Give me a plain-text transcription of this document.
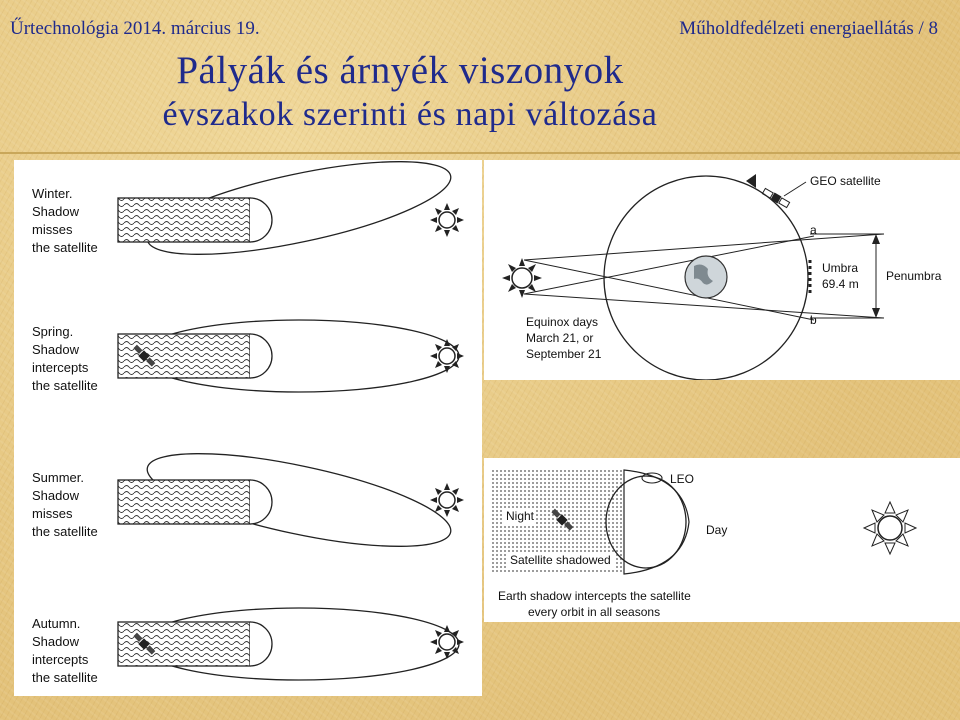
Űrtechnológia 2014. március 19.	Műholdfedélzeti energiaellátás / 8
Pályák és árnyék viszonyok
évszakok szerinti és napi változása
Winter.
Shadow
misses
the satellite
Spring.
Shadow
intercepts
the satellite
Summer.
Shadow
misses
the satellite
Autumn.
Shadow
intercepts
the satellite
GEO satellite
a
b
Umbra
69.4 m
Penumbra
Equinox days
March 21, or
September 21
LEO
Night
Day
Satellite shadowed
Earth shadow intercepts the satellite
every orbit in all seasons
